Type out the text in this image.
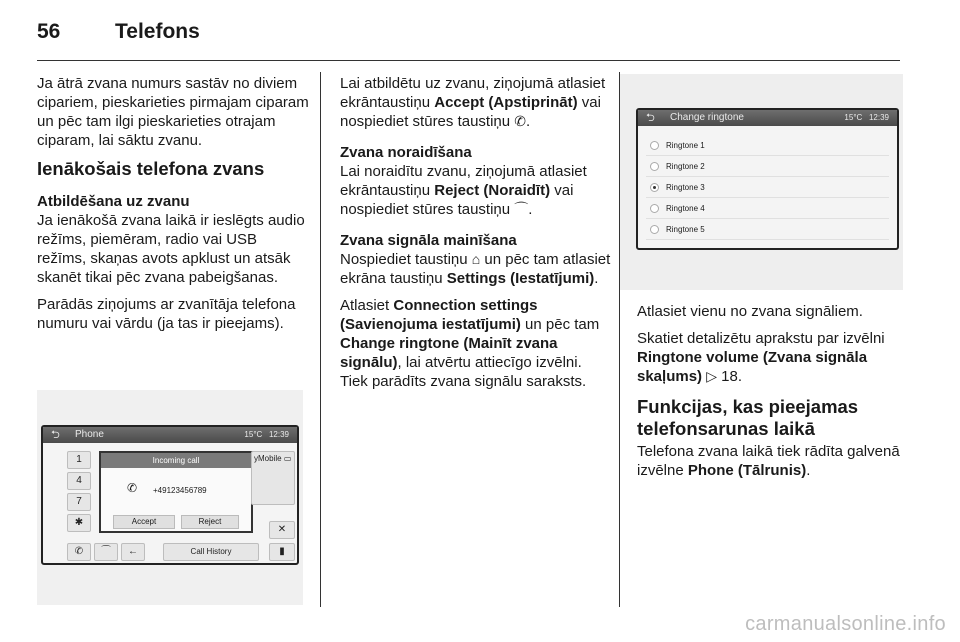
56	Telefons

Ja ātrā zvana numurs sastāv no diviem cipariem, pieskarieties pirmajam ciparam un pēc tam ilgi pieskarieties otrajam ciparam, lai sāktu zvanu.

Ienākošais telefona zvans
Atbildēšana uz zvanu

Ja ienākošā zvana laikā ir ieslēgts audio režīms, piemēram, radio vai USB režīms, skaņas avots apklust un atsāk skanēt tikai pēc zvana pabeigšanas.

Parādās ziņojums ar zvanītāja telefona numuru vai vārdu (ja tas ir pieejams).

⮌ Phone	15°C 12:39
1
4
7
✱
Incoming call
✆ +49123456789
Accept	Reject
yMobile ▭
✕
✆	⌒	←	Call History	▮

Lai atbildētu uz zvanu, ziņojumā atlasiet ekrāntaustiņu Accept (Apstiprināt) vai nospiediet stūres taustiņu ✆.

Zvana noraidīšana

Lai noraidītu zvanu, ziņojumā atlasiet ekrāntaustiņu Reject (Noraidīt) vai nospiediet stūres taustiņu ⌒.

Zvana signāla mainīšana

Nospiediet taustiņu ⌂ un pēc tam atlasiet ekrāna taustiņu Settings (Iestatījumi).

Atlasiet Connection settings (Savienojuma iestatījumi) un pēc tam Change ringtone (Mainīt zvana signālu), lai atvērtu attiecīgo izvēlni. Tiek parādīts zvana signālu saraksts.

⮌ Change ringtone	15°C 12:39
Ringtone 1
Ringtone 2
Ringtone 3
Ringtone 4
Ringtone 5

Atlasiet vienu no zvana signāliem.

Skatiet detalizētu aprakstu par izvēlni Ringtone volume (Zvana signāla skaļums) ▷ 18.

Funkcijas, kas pieejamas telefonsarunas laikā

Telefona zvana laikā tiek rādīta galvenā izvēlne Phone (Tālrunis).

carmanualsonline.info
